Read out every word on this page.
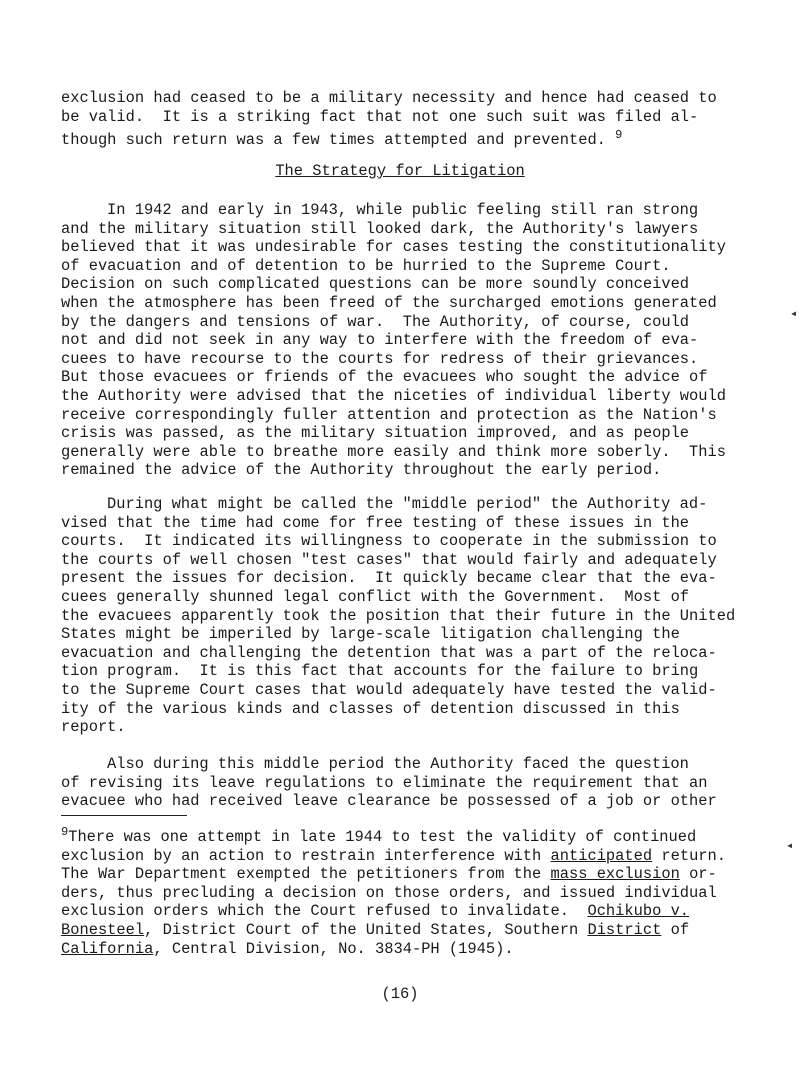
exclusion had ceased to be a military necessity and hence had ceased to
be valid.  It is a striking fact that not one such suit was filed al-
though such return was a few times attempted and prevented. $^9$
The Strategy for Litigation
In 1942 and early in 1943, while public feeling still ran strong
and the military situation still looked dark, the Authority's lawyers
believed that it was undesirable for cases testing the constitutionality
of evacuation and of detention to be hurried to the Supreme Court.
Decision on such complicated questions can be more soundly conceived
when the atmosphere has been freed of the surcharged emotions generated
by the dangers and tensions of war.  The Authority, of course, could
not and did not seek in any way to interfere with the freedom of eva-
cuees to have recourse to the courts for redress of their grievances.
But those evacuees or friends of the evacuees who sought the advice of
the Authority were advised that the niceties of individual liberty would
receive correspondingly fuller attention and protection as the Nation's
crisis was passed, as the military situation improved, and as people
generally were able to breathe more easily and think more soberly.  This
remained the advice of the Authority throughout the early period.
During what might be called the "middle period" the Authority ad-
vised that the time had come for free testing of these issues in the
courts.  It indicated its willingness to cooperate in the submission to
the courts of well chosen "test cases" that would fairly and adequately
present the issues for decision.  It quickly became clear that the eva-
cuees generally shunned legal conflict with the Government.  Most of
the evacuees apparently took the position that their future in the United
States might be imperiled by large-scale litigation challenging the
evacuation and challenging the detention that was a part of the reloca-
tion program.  It is this fact that accounts for the failure to bring
to the Supreme Court cases that would adequately have tested the valid-
ity of the various kinds and classes of detention discussed in this
report.
Also during this middle period the Authority faced the question
of revising its leave regulations to eliminate the requirement that an
evacuee who had received leave clearance be possessed of a job or other
$^9$There was one attempt in late 1944 to test the validity of continued
exclusion by an action to restrain interference with anticipated return.
The War Department exempted the petitioners from the mass exclusion or-
ders, thus precluding a decision on those orders, and issued individual
exclusion orders which the Court refused to invalidate.  Ochikubo v.
Bonesteel, District Court of the United States, Southern District of
California, Central Division, No. 3834-PH (1945).
(16)
◂
◂
